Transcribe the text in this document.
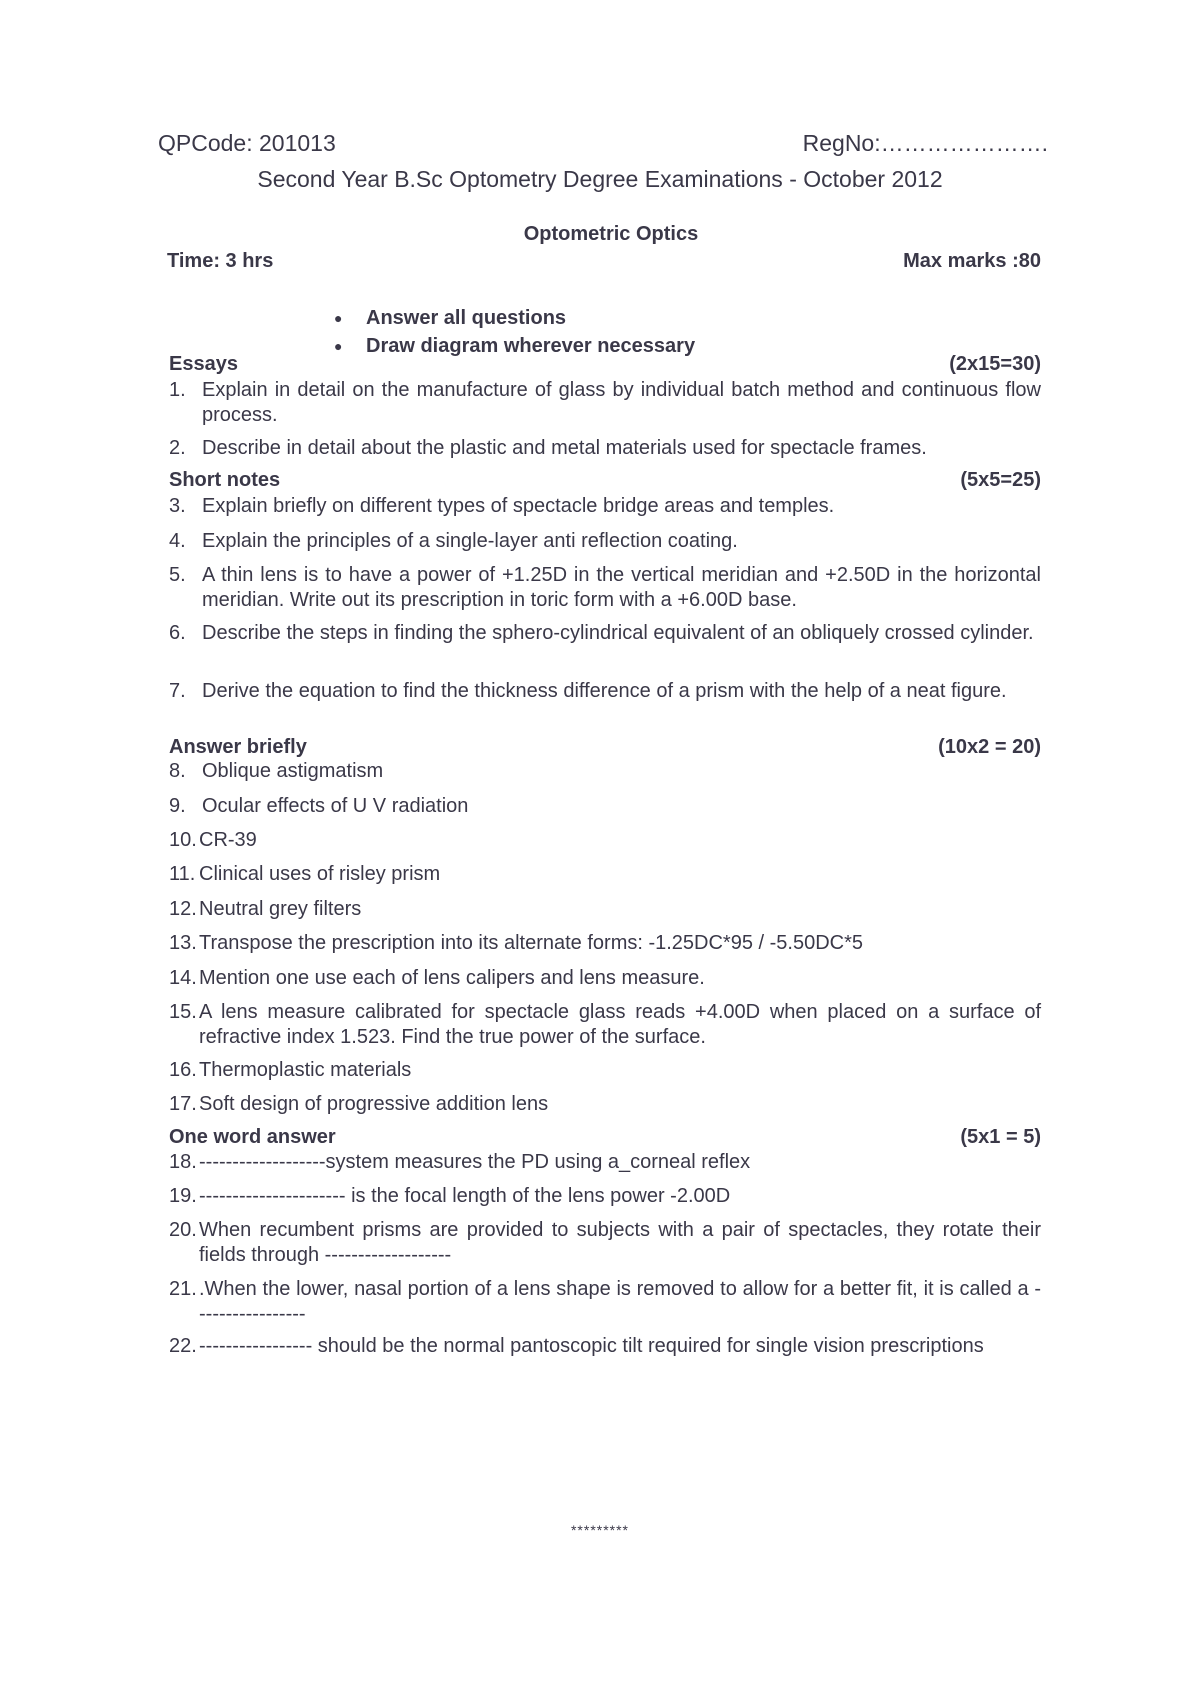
QPCode: 201013	RegNo:………………….
Second Year B.Sc Optometry Degree Examinations - October 2012
Optometric Optics
Time: 3 hrs	Max marks :80
● Answer all questions
● Draw diagram wherever necessary
Essays	(2x15=30)
1. Explain in detail on the manufacture of glass by individual batch method and continuous flow process.
2. Describe in detail about the plastic and metal materials used for spectacle frames.
Short notes	(5x5=25)
3. Explain briefly on different types of spectacle bridge areas and temples.
4. Explain the principles of a single-layer anti reflection coating.
5. A thin lens is to have a power of +1.25D in the vertical meridian and +2.50D in the horizontal meridian. Write out its prescription in toric form with a +6.00D base.
6. Describe the steps in finding the sphero-cylindrical equivalent of an obliquely crossed cylinder.
7. Derive the equation to find the thickness difference of a prism with the help of a neat figure.
Answer briefly	(10x2 = 20)
8. Oblique astigmatism
9. Ocular effects of U V radiation
10. CR-39
11. Clinical uses of risley prism
12. Neutral grey filters
13. Transpose the prescription into its alternate forms: -1.25DC*95 / -5.50DC*5
14. Mention one use each of lens calipers and lens measure.
15. A lens measure calibrated for spectacle glass reads +4.00D when placed on a surface of refractive index 1.523. Find the true power of the surface.
16. Thermoplastic materials
17. Soft design of progressive addition lens
One word answer	(5x1 = 5)
18. -------------------system measures the PD using a_corneal reflex
19. ---------------------- is the focal length of the lens power -2.00D
20. When recumbent prisms are provided to subjects with a pair of spectacles, they rotate their fields through -------------------
21. .When the lower, nasal portion of a lens shape is removed to allow for a better fit, it is called a -----------------
22. ----------------- should be the normal pantoscopic tilt required for single vision prescriptions
*********
